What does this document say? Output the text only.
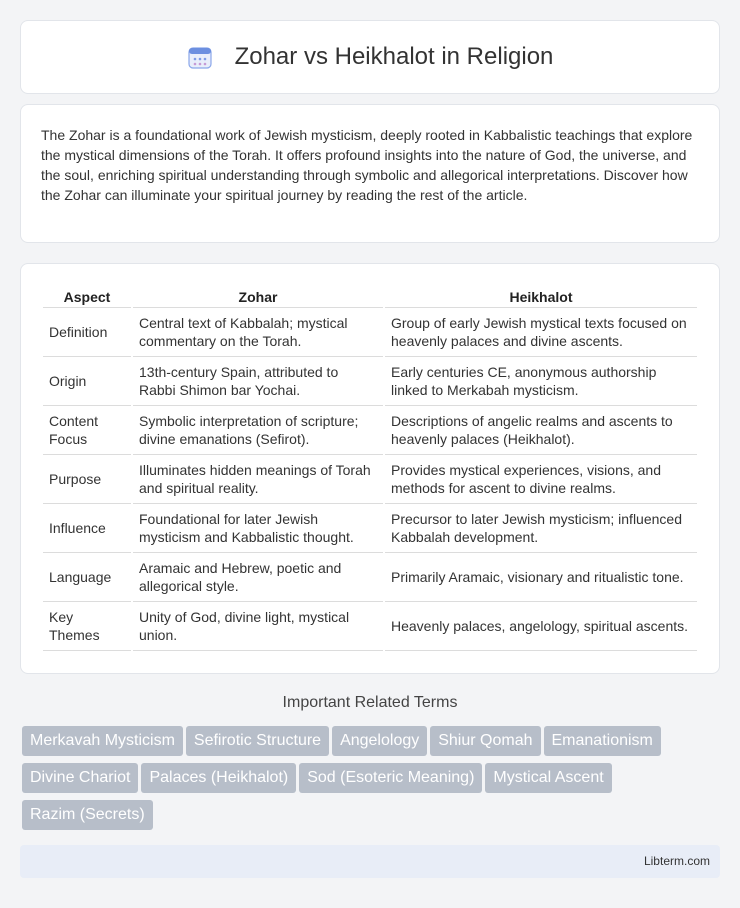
Zohar vs Heikhalot in Religion

The Zohar is a foundational work of Jewish mysticism, deeply rooted in Kabbalistic teachings that explore the mystical dimensions of the Torah. It offers profound insights into the nature of God, the universe, and the soul, enriching spiritual understanding through symbolic and allegorical interpretations. Discover how the Zohar can illuminate your spiritual journey by reading the rest of the article.

Aspect	Zohar	Heikhalot
Definition	Central text of Kabbalah; mystical commentary on the Torah.	Group of early Jewish mystical texts focused on heavenly palaces and divine ascents.
Origin	13th-century Spain, attributed to Rabbi Shimon bar Yochai.	Early centuries CE, anonymous authorship linked to Merkabah mysticism.
Content Focus	Symbolic interpretation of scripture; divine emanations (Sefirot).	Descriptions of angelic realms and ascents to heavenly palaces (Heikhalot).
Purpose	Illuminates hidden meanings of Torah and spiritual reality.	Provides mystical experiences, visions, and methods for ascent to divine realms.
Influence	Foundational for later Jewish mysticism and Kabbalistic thought.	Precursor to later Jewish mysticism; influenced Kabbalah development.
Language	Aramaic and Hebrew, poetic and allegorical style.	Primarily Aramaic, visionary and ritualistic tone.
Key Themes	Unity of God, divine light, mystical union.	Heavenly palaces, angelology, spiritual ascents.
Important Related Terms
Merkavah Mysticism	Sefirotic Structure	Angelology	Shiur Qomah	Emanationism
Divine Chariot	Palaces (Heikhalot)	Sod (Esoteric Meaning)	Mystical Ascent
Razim (Secrets)
Libterm.com
